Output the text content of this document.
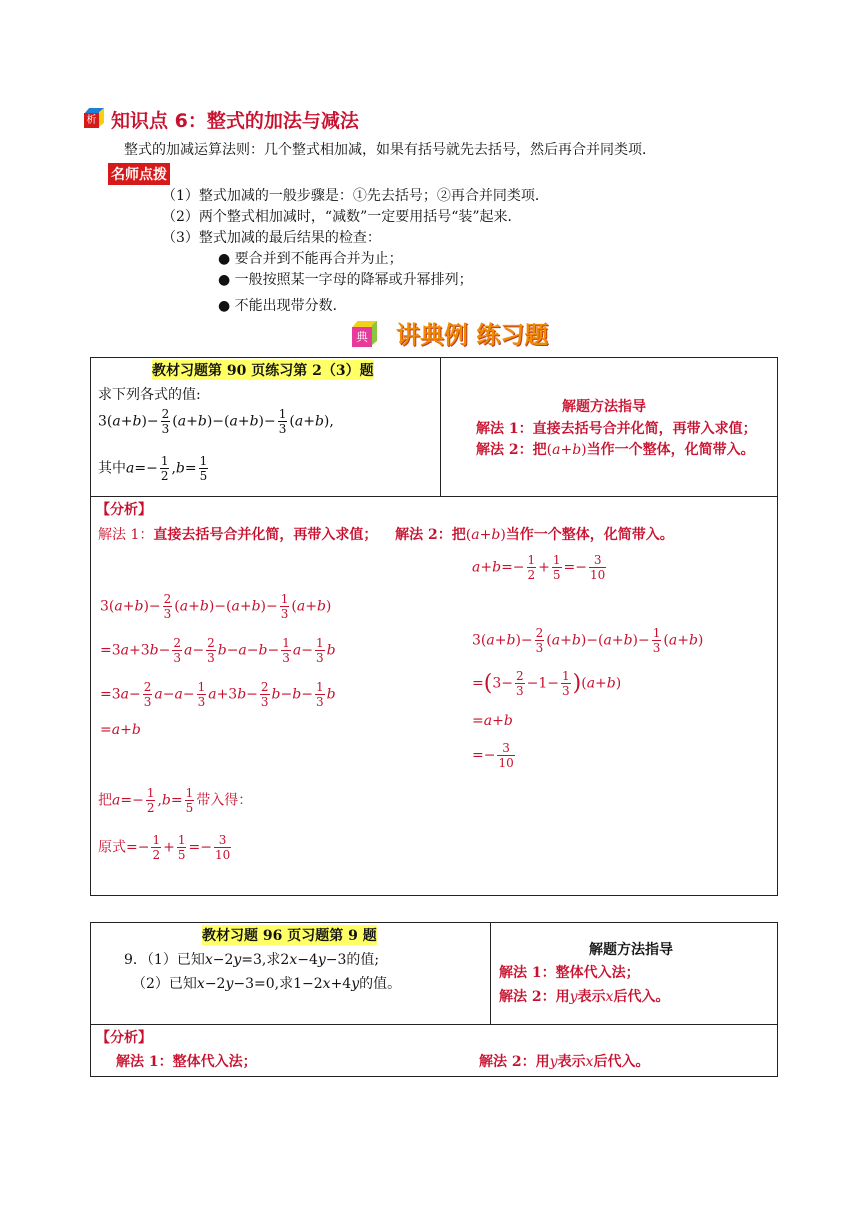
析 知识点 6：整式的加法与减法
整式的加减运算法则：几个整式相加减，如果有括号就先去括号，然后再合并同类项．
名师点拨
（1）整式加减的一般步骤是：①先去括号；②再合并同类项．
（2）两个整式相加减时，“减数”一定要用括号“装”起来．
（3）整式加减的最后结果的检查：
● 要合并到不能再合并为止；
● 一般按照某一字母的降幂或升幂排列；
● 不能出现带分数．
典 讲典例 练习题
教材习题第 90 页练习第 2（3）题
求下列各式的值:
$3(a+b)- \frac{2}{3} (a+b)-(a+b)- \frac{1}{3} (a+b)$,
其中$a=- \frac{1}{2} ,b= \frac{1}{5}$
解题方法指导
解法 1：直接去括号合并化简，再带入求值；
解法 2：把(a+b)当作一个整体，化简带入。
【分析】
解法 1：直接去括号合并化简，再带入求值； 解法 2：把(a+b)当作一个整体，化简带入。
$3(a+b)- \frac{2}{3} (a+b)-(a+b)- \frac{1}{3} (a+b)$
$=3a+3b- \frac{2}{3} a- \frac{2}{3} b-a-b- \frac{1}{3} a- \frac{1}{3}$ b
$=3a- \frac{2}{3} a-a- \frac{1}{3} a+3b- \frac{2}{3} b-b- \frac{1}{3}$ b
=a+b
把$a=- \frac{1}{2} ,b= \frac{1}{5}$ 带入得：
原式=− $\frac{1}{2} + \frac{1}{5} =- \frac{3}{10}$
$a+b=- \frac{1}{2} + \frac{1}{5} =- \frac{3}{10}$
$3(a+b)- \frac{2}{3} (a+b)-(a+b)- \frac{1}{3} (a+b)$
$=(3- \frac{2}{3} -1- \frac{1}{3} )(a+b)$
=a+b
=− $\frac{3}{10}$
教材习题 96 页习题第 9 题
9．（1）已知x−2y=3,求2x−4y−3的值;
（2）已知x−2y−3=0,求1−2x+4y的值。
解题方法指导
解法 1：整体代入法；
解法 2：用y表示x后代入。
【分析】
解法 1：整体代入法；	解法 2：用y表示x后代入。
